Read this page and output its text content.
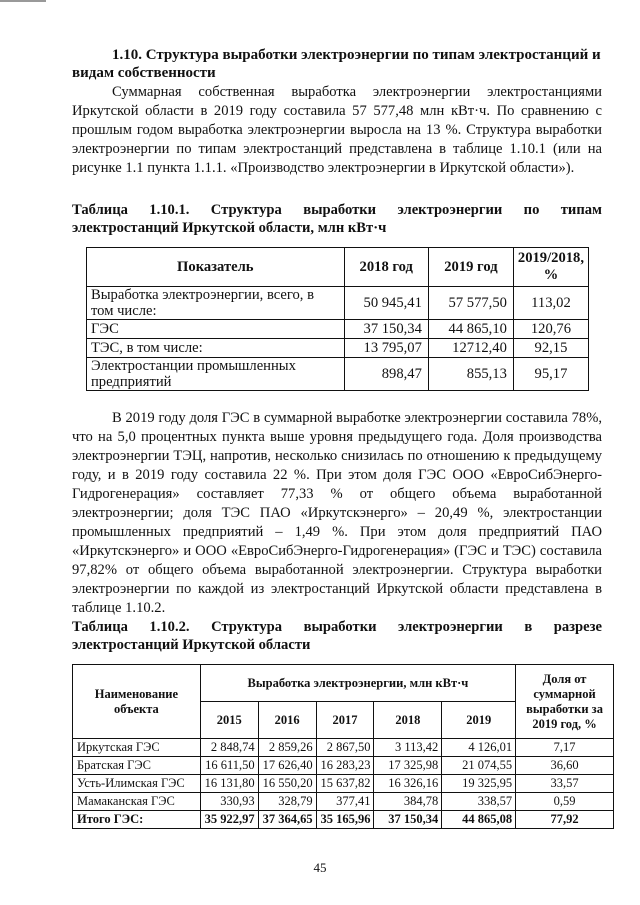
1.10. Структура выработки электроэнергии по типам электростанций и видам собственности
Суммарная собственная выработка электроэнергии электростанциями Иркутской области в 2019 году составила 57 577,48 млн кВт·ч. По сравнению с прошлым годом выработка электроэнергии выросла на 13 %. Структура выработки электроэнергии по типам электростанций представлена в таблице 1.10.1 (или на рисунке 1.1 пункта 1.1.1. «Производство электроэнергии в Иркутской области»).
Таблица 1.10.1. Структура выработки электроэнергии по типам
электростанций Иркутской области, млн кВт·ч
Показатель	2018 год	2019 год	2019/2018, %
Выработка электроэнергии, всего, в том числе:	50 945,41	57 577,50	113,02
ГЭС	37 150,34	44 865,10	120,76
ТЭС, в том числе:	13 795,07	12712,40	92,15
Электростанции промышленных предприятий	898,47	855,13	95,17
В 2019 году доля ГЭС в суммарной выработке электроэнергии составила 78%, что на 5,0 процентных пункта выше уровня предыдущего года. Доля производства электроэнергии ТЭЦ, напротив, несколько снизилась по отношению к предыдущему году, и в 2019 году составила 22 %. При этом доля ГЭС ООО «ЕвроСибЭнерго-Гидрогенерация» составляет 77,33 % от общего объема выработанной электроэнергии; доля ТЭС ПАО «Иркутскэнерго» – 20,49 %, электростанции промышленных предприятий – 1,49 %. При этом доля предприятий ПАО «Иркутскэнерго» и ООО «ЕвроСибЭнерго-Гидрогенерация» (ГЭС и ТЭС) составила 97,82% от общего объема выработанной электроэнергии. Структура выработки электроэнергии по каждой из электростанций Иркутской области представлена в таблице 1.10.2.
Таблица 1.10.2. Структура выработки электроэнергии в разрезе
электростанций Иркутской области
Наименование объекта	Выработка электроэнергии, млн кВт·ч					Доля от суммарной выработки за 2019 год, %
	2015	2016	2017	2018	2019	
Иркутская ГЭС	2 848,74	2 859,26	2 867,50	3 113,42	4 126,01	7,17
Братская ГЭС	16 611,50	17 626,40	16 283,23	17 325,98	21 074,55	36,60
Усть-Илимская ГЭС	16 131,80	16 550,20	15 637,82	16 326,16	19 325,95	33,57
Мамаканская ГЭС	330,93	328,79	377,41	384,78	338,57	0,59
Итого ГЭС:	35 922,97	37 364,65	35 165,96	37 150,34	44 865,08	77,92
45
